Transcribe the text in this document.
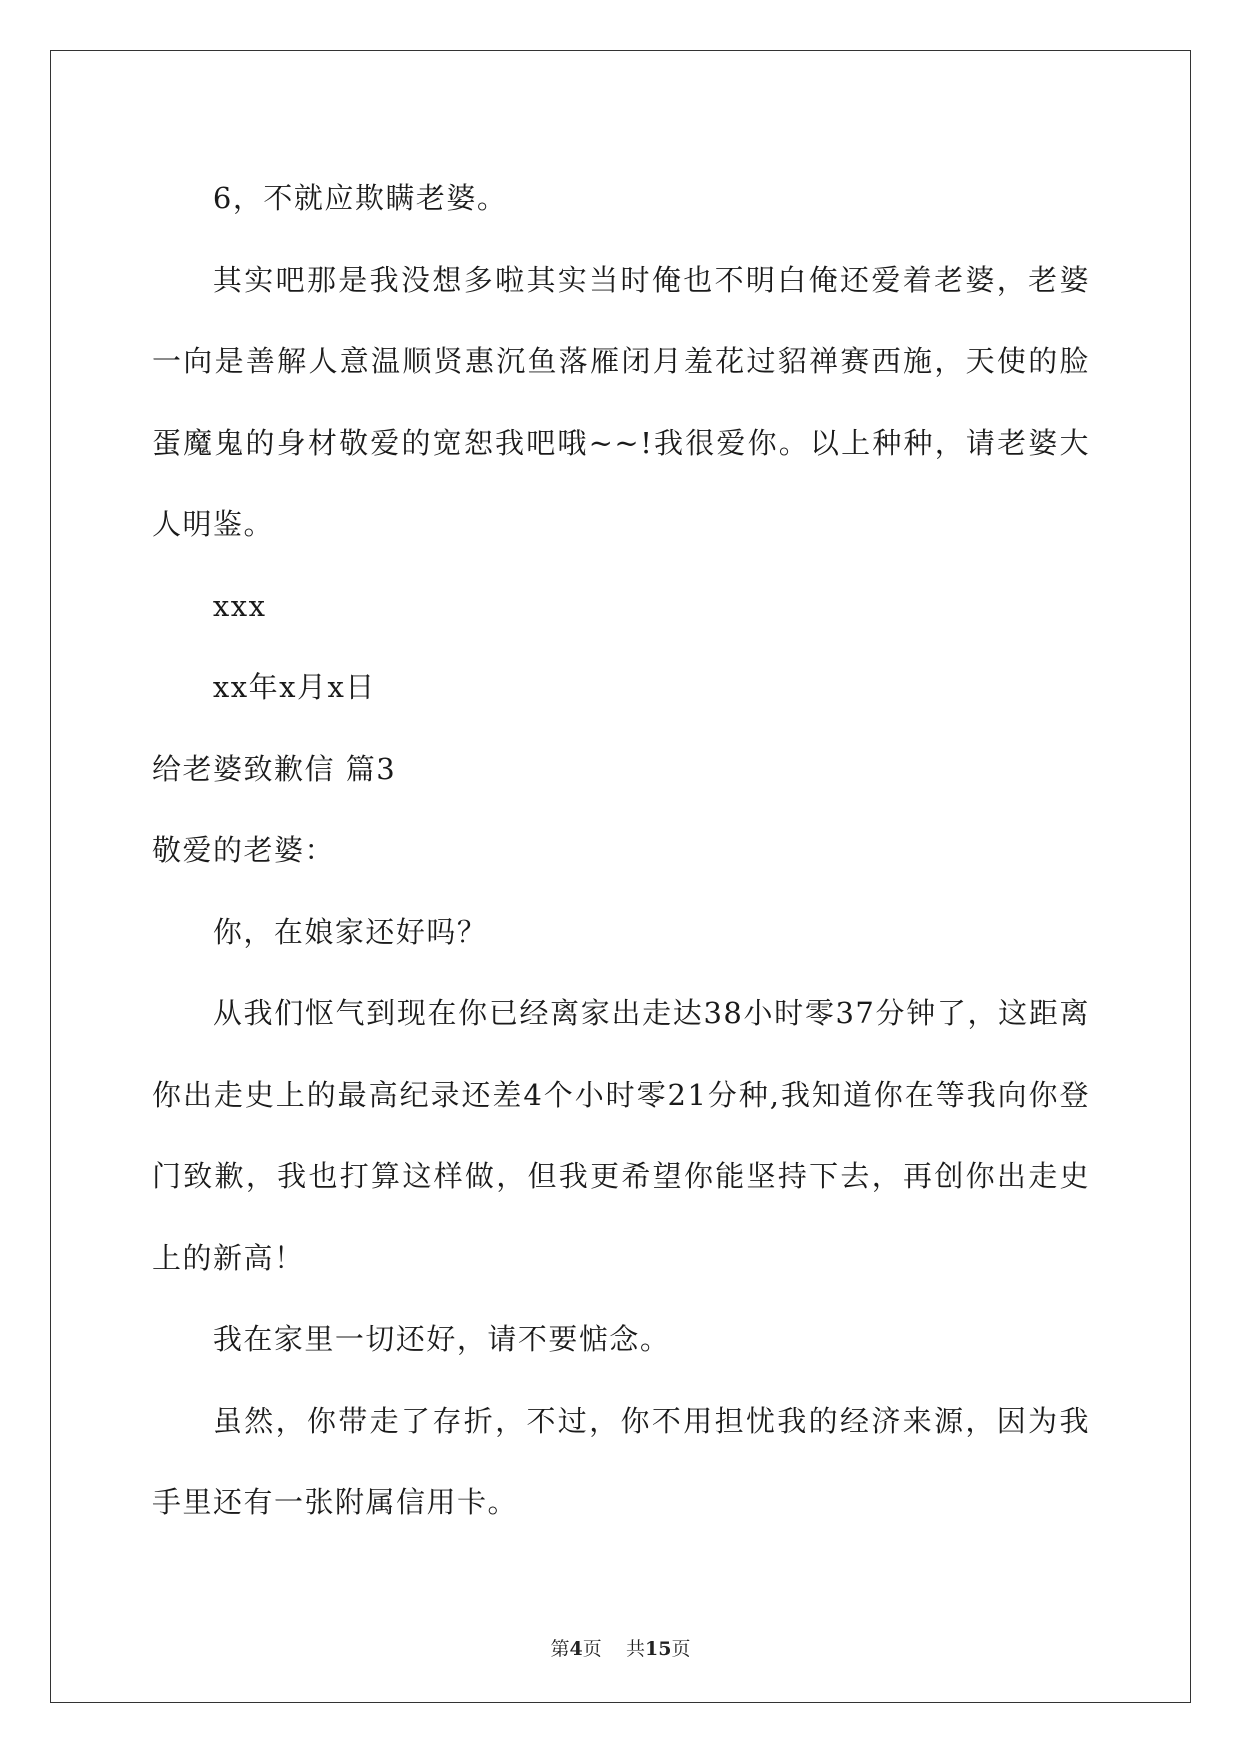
6，不就应欺瞒老婆。

其实吧那是我没想多啦其实当时俺也不明白俺还爱着老婆，老婆一向是善解人意温顺贤惠沉鱼落雁闭月羞花过貂禅赛西施，天使的脸蛋魔鬼的身材敬爱的宽恕我吧哦~~!我很爱你。以上种种，请老婆大人明鉴。

xxx

xx年x月x日

给老婆致歉信 篇3

敬爱的老婆：

你，在娘家还好吗？

从我们怄气到现在你已经离家出走达38小时零37分钟了，这距离你出走史上的最高纪录还差4个小时零21分种,我知道你在等我向你登门致歉，我也打算这样做，但我更希望你能坚持下去，再创你出走史上的新高！

我在家里一切还好，请不要惦念。

虽然，你带走了存折，不过，你不用担忧我的经济来源，因为我手里还有一张附属信用卡。

第4页 共15页
